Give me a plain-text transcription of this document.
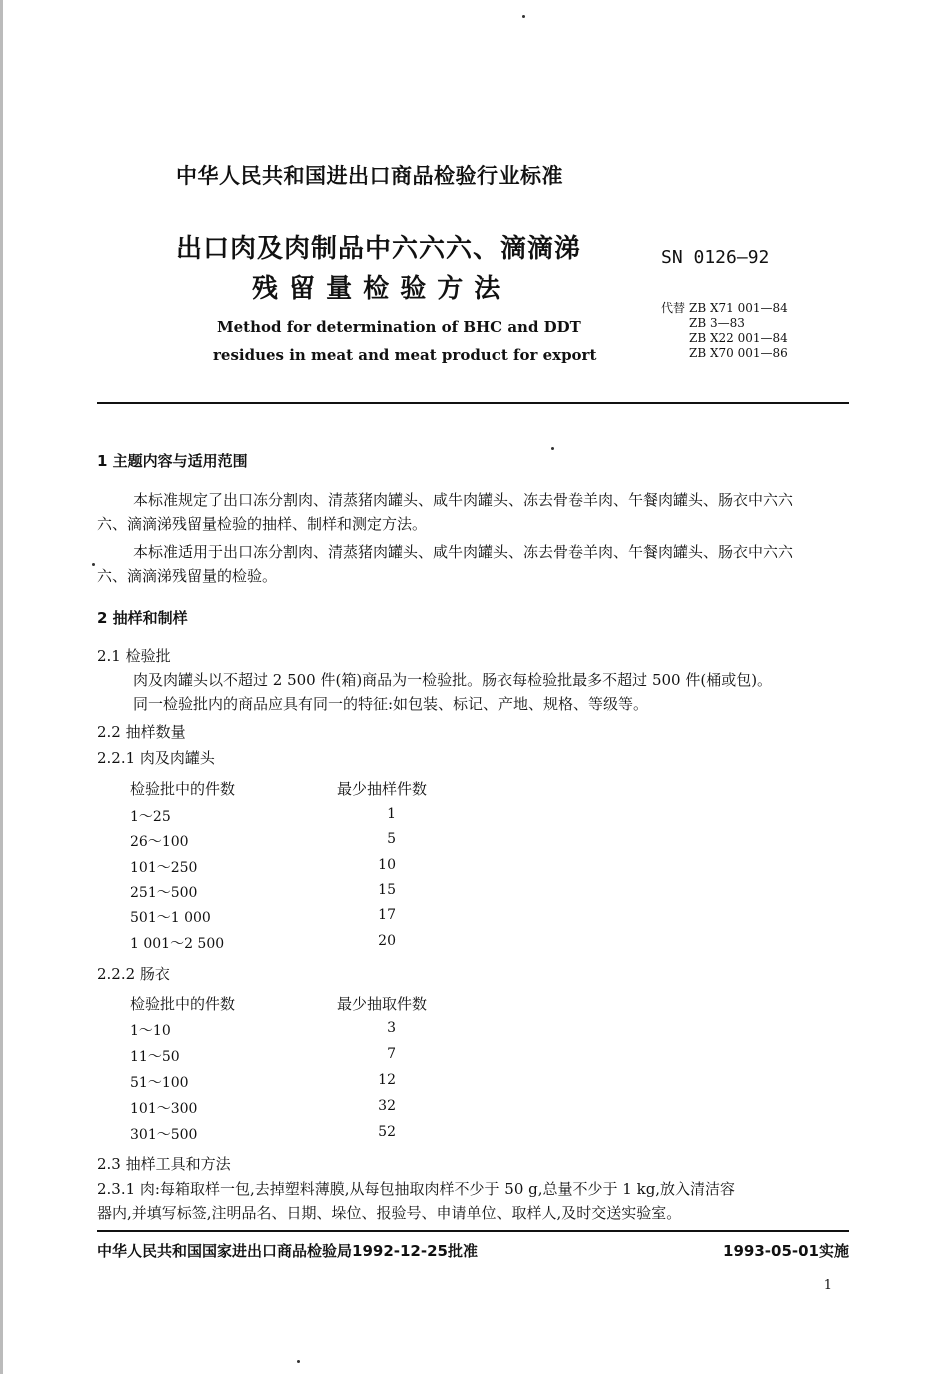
中华人民共和国进出口商品检验行业标准
出口肉及肉制品中六六六、滴滴涕
残 留 量 检 验 方 法
Method for determination of BHC and DDT
residues in meat and meat product for export
SN 0126—92
代替 ZB X71 001—84
ZB 3—83
ZB X22 001—84
ZB X70 001—86
1 主题内容与适用范围
本标准规定了出口冻分割肉、清蒸猪肉罐头、咸牛肉罐头、冻去骨卷羊肉、午餐肉罐头、肠衣中六六
六、滴滴涕残留量检验的抽样、制样和测定方法。
本标准适用于出口冻分割肉、清蒸猪肉罐头、咸牛肉罐头、冻去骨卷羊肉、午餐肉罐头、肠衣中六六
六、滴滴涕残留量的检验。
2 抽样和制样
2.1 检验批
肉及肉罐头以不超过 2 500 件(箱)商品为一检验批。肠衣每检验批最多不超过 500 件(桶或包)。
同一检验批内的商品应具有同一的特征:如包装、标记、产地、规格、等级等。
2.2 抽样数量
2.2.1 肉及肉罐头
检验批中的件数	最少抽样件数
1～25	1
26～100	5
101～250	10
251～500	15
501～1 000	17
1 001～2 500	20
2.2.2 肠衣
检验批中的件数	最少抽取件数
1～10	3
11～50	7
51～100	12
101～300	32
301～500	52
2.3 抽样工具和方法
2.3.1 肉:每箱取样一包,去掉塑料薄膜,从每包抽取肉样不少于 50 g,总量不少于 1 kg,放入清洁容
器内,并填写标签,注明品名、日期、垛位、报验号、申请单位、取样人,及时交送实验室。
中华人民共和国国家进出口商品检验局1992-12-25批准	1993-05-01实施
1
